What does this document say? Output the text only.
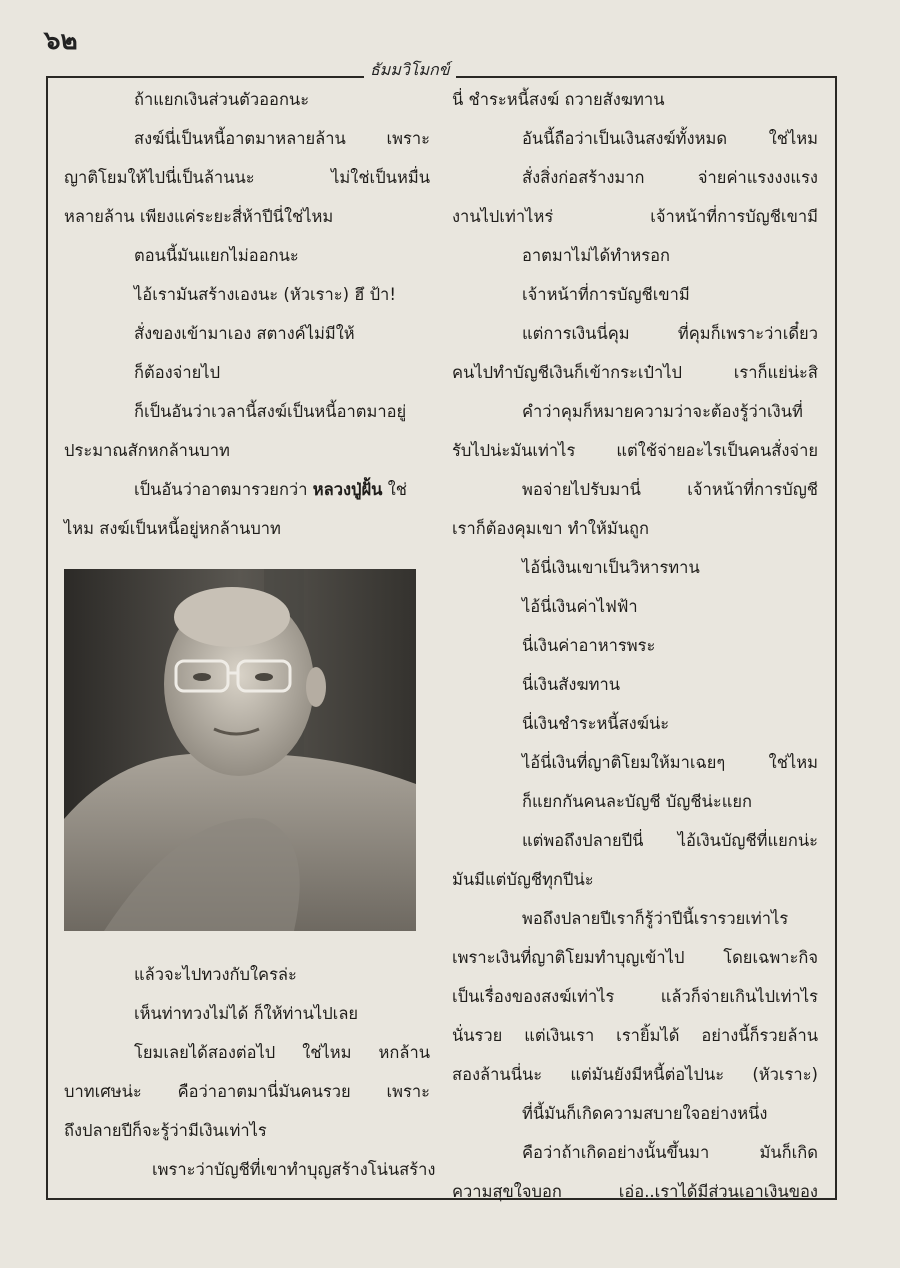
๖๒
ธัมมวิโมกข์
ถ้าแยกเงินส่วนตัวออกนะ
สงฆ์นี่เป็นหนี้อาตมาหลายล้าน เพราะ
ญาติโยมให้ไปนี่เป็นล้านนะ ไม่ใช่เป็นหมื่น
หลายล้าน เพียงแค่ระยะสี่ห้าปีนี่ใช่ไหม
ตอนนี้มันแยกไม่ออกนะ
ไอ้เรามันสร้างเองนะ (หัวเราะ) ฮึ ป้า!
สั่งของเข้ามาเอง สตางค์ไม่มีให้
ก็ต้องจ่ายไป
ก็เป็นอันว่าเวลานี้สงฆ์เป็นหนี้อาตมาอยู่
ประมาณสักหกล้านบาท
เป็นอันว่าอาตมารวยกว่า หลวงปู่ฝั้น ใช่
ไหม สงฆ์เป็นหนี้อยู่หกล้านบาท
แล้วจะไปทวงกับใครล่ะ
เห็นท่าทวงไม่ได้ ก็ให้ท่านไปเลย
โยมเลยได้สองต่อไป ใช่ไหม หกล้าน
บาทเศษน่ะ คือว่าอาตมานี่มันคนรวย เพราะ
ถึงปลายปีก็จะรู้ว่ามีเงินเท่าไร
เพราะว่าบัญชีที่เขาทำบุญสร้างโน่นสร้าง
นี่ ชำระหนี้สงฆ์ ถวายสังฆทาน
อันนี้ถือว่าเป็นเงินสงฆ์ทั้งหมด ใช่ไหม
สั่งสิ่งก่อสร้างมาก จ่ายค่าแรงงงแรง
งานไปเท่าไหร่ เจ้าหน้าที่การบัญชีเขามี
อาตมาไม่ได้ทำหรอก
เจ้าหน้าที่การบัญชีเขามี
แต่การเงินนี่คุม ที่คุมก็เพราะว่าเดี๋ยว
คนไปทำบัญชีเงินก็เข้ากระเป๋าไป เราก็แย่น่ะสิ
คำว่าคุมก็หมายความว่าจะต้องรู้ว่าเงินที่
รับไปน่ะมันเท่าไร แต่ใช้จ่ายอะไรเป็นคนสั่งจ่าย
พอจ่ายไปรับมานี่ เจ้าหน้าที่การบัญชี
เราก็ต้องคุมเขา ทำให้มันถูก
ไอ้นี่เงินเขาเป็นวิหารทาน
ไอ้นี่เงินค่าไฟฟ้า
นี่เงินค่าอาหารพระ
นี่เงินสังฆทาน
นี่เงินชำระหนี้สงฆ์น่ะ
ไอ้นี่เงินที่ญาติโยมให้มาเฉยๆ ใช่ไหม
ก็แยกกันคนละบัญชี บัญชีน่ะแยก
แต่พอถึงปลายปีนี่ ไอ้เงินบัญชีที่แยกน่ะ
มันมีแต่บัญชีทุกปีน่ะ
พอถึงปลายปีเราก็รู้ว่าปีนี้เรารวยเท่าไร
เพราะเงินที่ญาติโยมทำบุญเข้าไป โดยเฉพาะกิจ
เป็นเรื่องของสงฆ์เท่าไร แล้วก็จ่ายเกินไปเท่าไร
นั่นรวย แต่เงินเรา เรายิ้มได้ อย่างนี้ก็รวยล้าน
สองล้านนี่นะ แต่มันยังมีหนี้ต่อไปนะ (หัวเราะ)
ที่นี้มันก็เกิดความสบายใจอย่างหนึ่ง
คือว่าถ้าเกิดอย่างนั้นขึ้นมา มันก็เกิด
ความสุขใจบอก เอ่อ..เราได้มีส่วนเอาเงินของ
